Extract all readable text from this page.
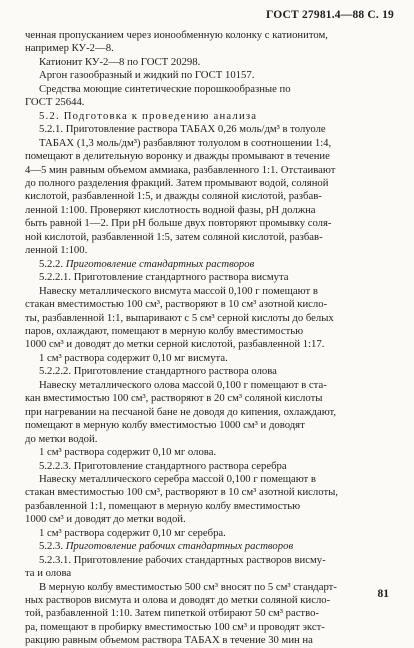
ГОСТ 27981.4—88 С. 19
ченная пропусканием через ионообменную колонку с катионитом,
например КУ-2—8.
Катионит КУ-2—8 по ГОСТ 20298.
Аргон газообразный и жидкий по ГОСТ 10157.
Средства моющие синтетические порошкообразные по
ГОСТ 25644.
5.2. Подготовка к проведению анализа
5.2.1. Приготовление раствора ТАБАХ 0,26 моль/дм³ в толуоле
ТАБАХ (1,3 моль/дм³) разбавляют толуолом в соотношении 1:4,
помещают в делительную воронку и дважды промывают в течение
4—5 мин равным объемом аммиака, разбавленного 1:1. Отстаивают
до полного разделения фракций. Затем промывают водой, соляной
кислотой, разбавленной 1:5, и дважды соляной кислотой, разбав-
ленной 1:100. Проверяют кислотность водной фазы, рН должна
быть равной 1—2. При рН больше двух повторяют промывку соля-
ной кислотой, разбавленной 1:5, затем соляной кислотой, разбав-
ленной 1:100.
5.2.2. Приготовление стандартных растворов
5.2.2.1. Приготовление стандартного раствора висмута
Навеску металлического висмута массой 0,100 г помещают в
стакан вместимостью 100 см³, растворяют в 10 см³ азотной кисло-
ты, разбавленной 1:1, выпаривают с 5 см³ серной кислоты до белых
паров, охлаждают, помещают в мерную колбу вместимостью
1000 см³ и доводят до метки серной кислотой, разбавленной 1:17.
1 см³ раствора содержит 0,10 мг висмута.
5.2.2.2. Приготовление стандартного раствора олова
Навеску металлического олова массой 0,100 г помещают в ста-
кан вместимостью 100 см³, растворяют в 20 см³ соляной кислоты
при нагревании на песчаной бане не доводя до кипения, охлаждают,
помещают в мерную колбу вместимостью 1000 см³ и доводят
до метки водой.
1 см³ раствора содержит 0,10 мг олова.
5.2.2.3. Приготовление стандартного раствора серебра
Навеску металлического серебра массой 0,100 г помещают в
стакан вместимостью 100 см³, растворяют в 10 см³ азотной кислоты,
разбавленной 1:1, помещают в мерную колбу вместимостью
1000 см³ и доводят до метки водой.
1 см³ раствора содержит 0,10 мг серебра.
5.2.3. Приготовление рабочих стандартных растворов
5.2.3.1. Приготовление рабочих стандартных растворов висму-
та и олова
В мерную колбу вместимостью 500 см³ вносят по 5 см³ стандарт-
ных растворов висмута и олова и доводят до метки соляной кисло-
той, разбавленной 1:10. Затем пипеткой отбирают 50 см³ раство-
ра, помещают в пробирку вместимостью 100 см³ и проводят экст-
ракцию равным объемом раствора ТАБАХ в течение 30 мин на
81
